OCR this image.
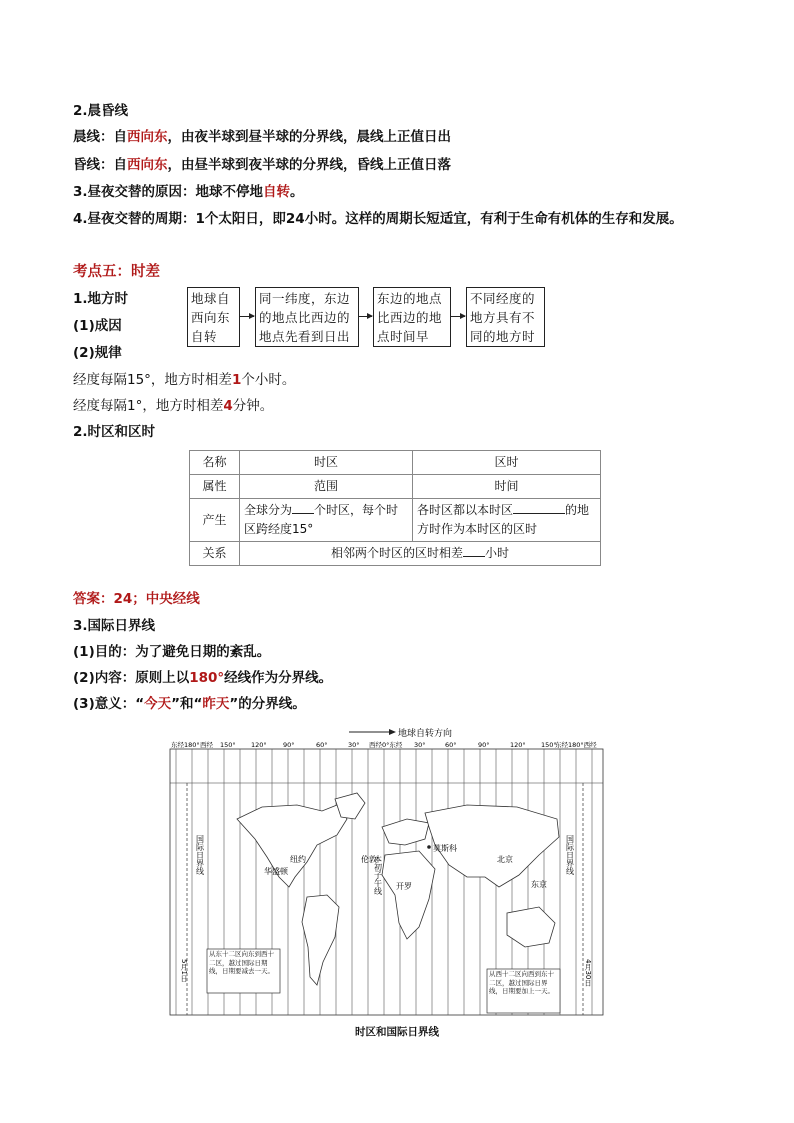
2.晨昏线
晨线：自西向东，由夜半球到昼半球的分界线，晨线上正值日出
昏线：自西向东，由昼半球到夜半球的分界线，昏线上正值日落
3.昼夜交替的原因：地球不停地自转。
4.昼夜交替的周期：1个太阳日，即24小时。这样的周期长短适宜，有利于生命有机体的生存和发展。
考点五：时差
1.地方时
(1)成因
(2)规律
地球自西向东自转
同一纬度，东边的地点比西边的地点先看到日出
东边的地点比西边的地点时间早
不同经度的地方具有不同的地方时
经度每隔15°，地方时相差1个小时。
经度每隔1°，地方时相差4分钟。
2.时区和区时
名称	时区	区时
属性	范围	时间
产生	全球分为 个时区，每个时区跨经度15°	各时区都以本时区 的地方时作为本时区的区时
关系	相邻两个时区的区时相差 小时	
答案：24；中央经线
3.国际日界线
(1)目的：为了避免日期的紊乱。
(2)内容：原则上以180°经线作为分界线。
(3)意义：“今天”和“昨天”的分界线。
地球自转方向
东经180° 西经 150° 120°	90°	60°	30° 西经0°东经 30°	60°	90°	120° 150°
东经180°西经
莫斯科
北京
东京
纽约
华盛顿
伦敦
开罗
国际日界线	国际日界线
本初子午线
从东十二区向东到西十二区，越过国际日期线，日期要减去一天。	从西十二区向西到东十二区，越过国际日界线，日期要加上一天。
5月1日	4月30日
时区和国际日界线
